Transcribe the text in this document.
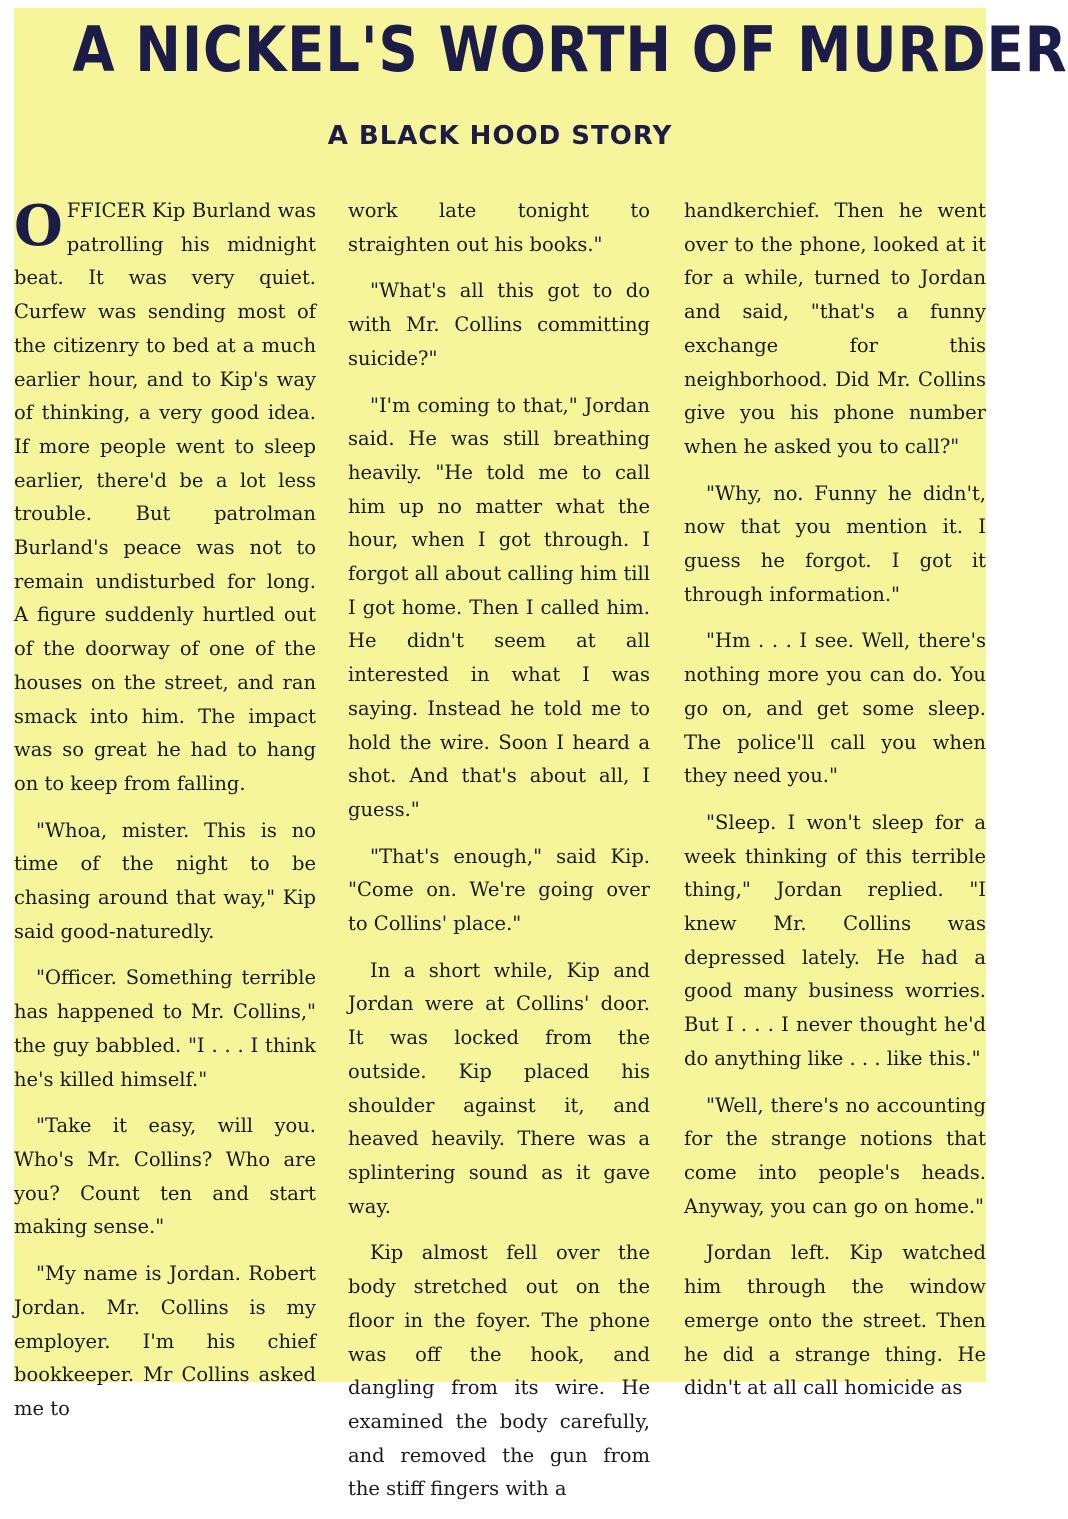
A NICKEL'S WORTH OF MURDER
A BLACK HOOD STORY

OFFICER Kip Burland was patrolling his midnight beat. It was very quiet. Curfew was sending most of the citizenry to bed at a much earlier hour, and to Kip's way of thinking, a very good idea. If more people went to sleep earlier, there'd be a lot less trouble. But patrolman Burland's peace was not to remain undisturbed for long. A figure suddenly hurtled out of the doorway of one of the houses on the street, and ran smack into him. The impact was so great he had to hang on to keep from falling.

"Whoa, mister. This is no time of the night to be chasing around that way," Kip said good-naturedly.

"Officer. Something terrible has happened to Mr. Collins," the guy babbled. "I . . . I think he's killed himself."

"Take it easy, will you. Who's Mr. Collins? Who are you? Count ten and start making sense."

"My name is Jordan. Robert Jordan. Mr. Collins is my employer. I'm his chief bookkeeper. Mr Collins asked me to

work late tonight to straighten out his books."

"What's all this got to do with Mr. Collins committing suicide?"

"I'm coming to that," Jordan said. He was still breathing heavily. "He told me to call him up no matter what the hour, when I got through. I forgot all about calling him till I got home. Then I called him. He didn't seem at all interested in what I was saying. Instead he told me to hold the wire. Soon I heard a shot. And that's about all, I guess."

"That's enough," said Kip. "Come on. We're going over to Collins' place."

In a short while, Kip and Jordan were at Collins' door. It was locked from the outside. Kip placed his shoulder against it, and heaved heavily. There was a splintering sound as it gave way.

Kip almost fell over the body stretched out on the floor in the foyer. The phone was off the hook, and dangling from its wire. He examined the body carefully, and removed the gun from the stiff fingers with a

handkerchief. Then he went over to the phone, looked at it for a while, turned to Jordan and said, "that's a funny exchange for this neighborhood. Did Mr. Collins give you his phone number when he asked you to call?"

"Why, no. Funny he didn't, now that you mention it. I guess he forgot. I got it through information."

"Hm . . . I see. Well, there's nothing more you can do. You go on, and get some sleep. The police'll call you when they need you."

"Sleep. I won't sleep for a week thinking of this terrible thing," Jordan replied. "I knew Mr. Collins was depressed lately. He had a good many business worries. But I . . . I never thought he'd do anything like . . . like this."

"Well, there's no accounting for the strange notions that come into people's heads. Anyway, you can go on home."

Jordan left. Kip watched him through the window emerge onto the street. Then he did a strange thing. He didn't at all call homicide as
